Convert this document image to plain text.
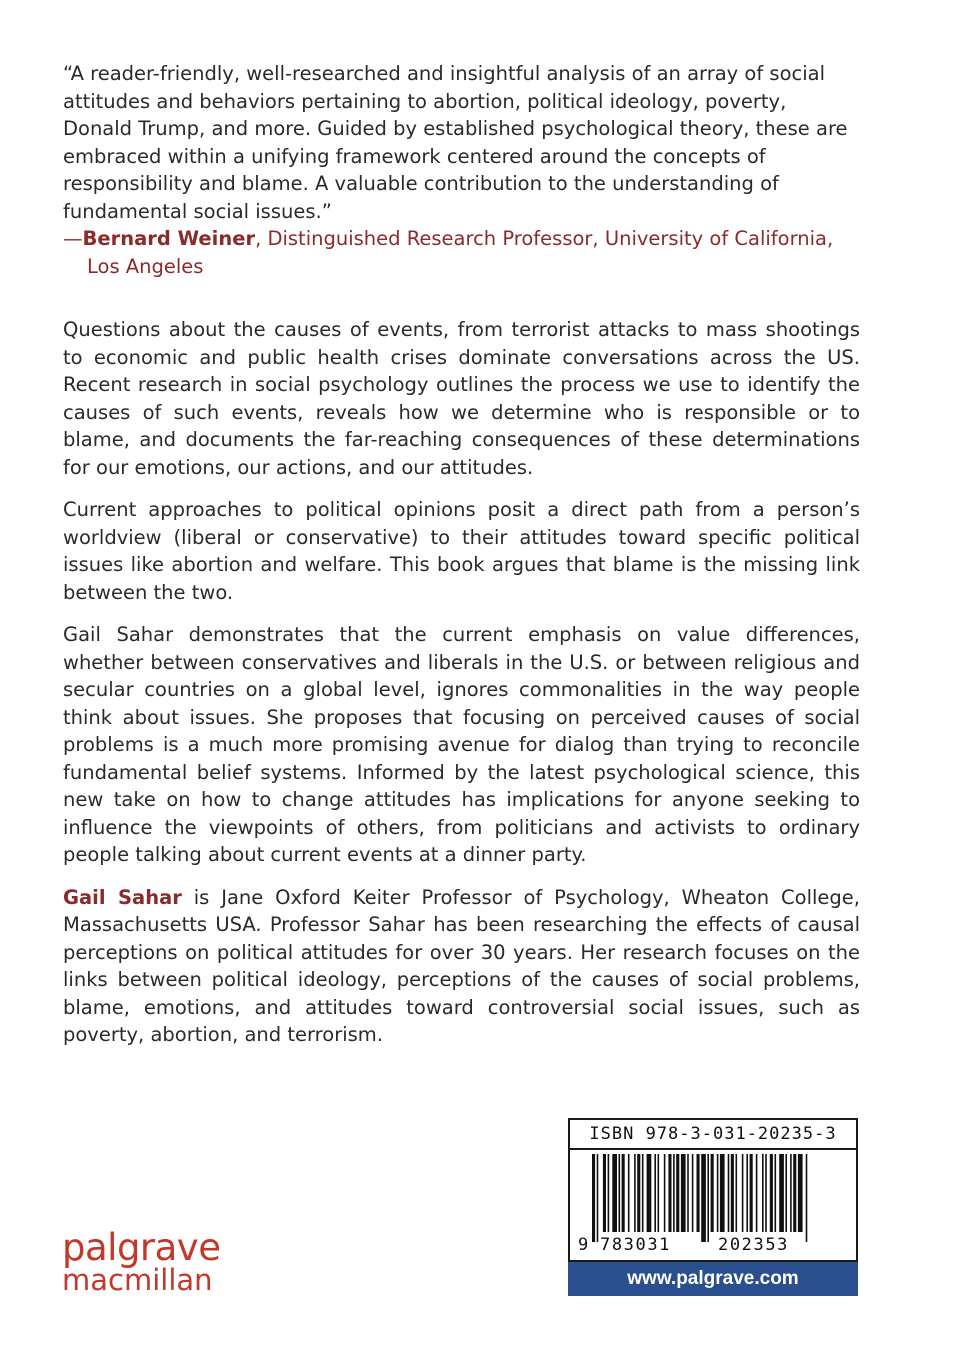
“A reader-friendly, well-researched and insightful analysis of an array of social attitudes and behaviors pertaining to abortion, political ideology, poverty, Donald Trump, and more. Guided by established psychological theory, these are embraced within a unifying framework centered around the concepts of responsibility and blame. A valuable contribution to the understanding of fundamental social issues.”

—Bernard Weiner, Distinguished Research Professor, University of California,
Los Angeles

Questions about the causes of events, from terrorist attacks to mass shootings to economic and public health crises dominate conversations across the US. Recent research in social psychology outlines the process we use to identify the causes of such events, reveals how we determine who is responsible or to blame, and documents the far-reaching consequences of these determinations for our emotions, our actions, and our attitudes.

Current approaches to political opinions posit a direct path from a person’s worldview (liberal or conservative) to their attitudes toward specific political issues like abortion and welfare. This book argues that blame is the missing link between the two.

Gail Sahar demonstrates that the current emphasis on value differences, whether between conservatives and liberals in the U.S. or between religious and secular countries on a global level, ignores commonalities in the way people think about issues. She proposes that focusing on perceived causes of social problems is a much more promising avenue for dialog than trying to reconcile fundamental belief systems. Informed by the latest psychological science, this new take on how to change attitudes has implications for anyone seeking to influence the viewpoints of others, from politicians and activists to ordinary people talking about current events at a dinner party.

Gail Sahar is Jane Oxford Keiter Professor of Psychology, Wheaton College, Massachusetts USA. Professor Sahar has been researching the effects of causal perceptions on political attitudes for over 30 years. Her research focuses on the links between political ideology, perceptions of the causes of social problems, blame, emotions, and attitudes toward controversial social issues, such as poverty, abortion, and terrorism.

palgrave
macmillan
ISBN 978-3-031-20235-3
9 783031	202353
www.palgrave.com
